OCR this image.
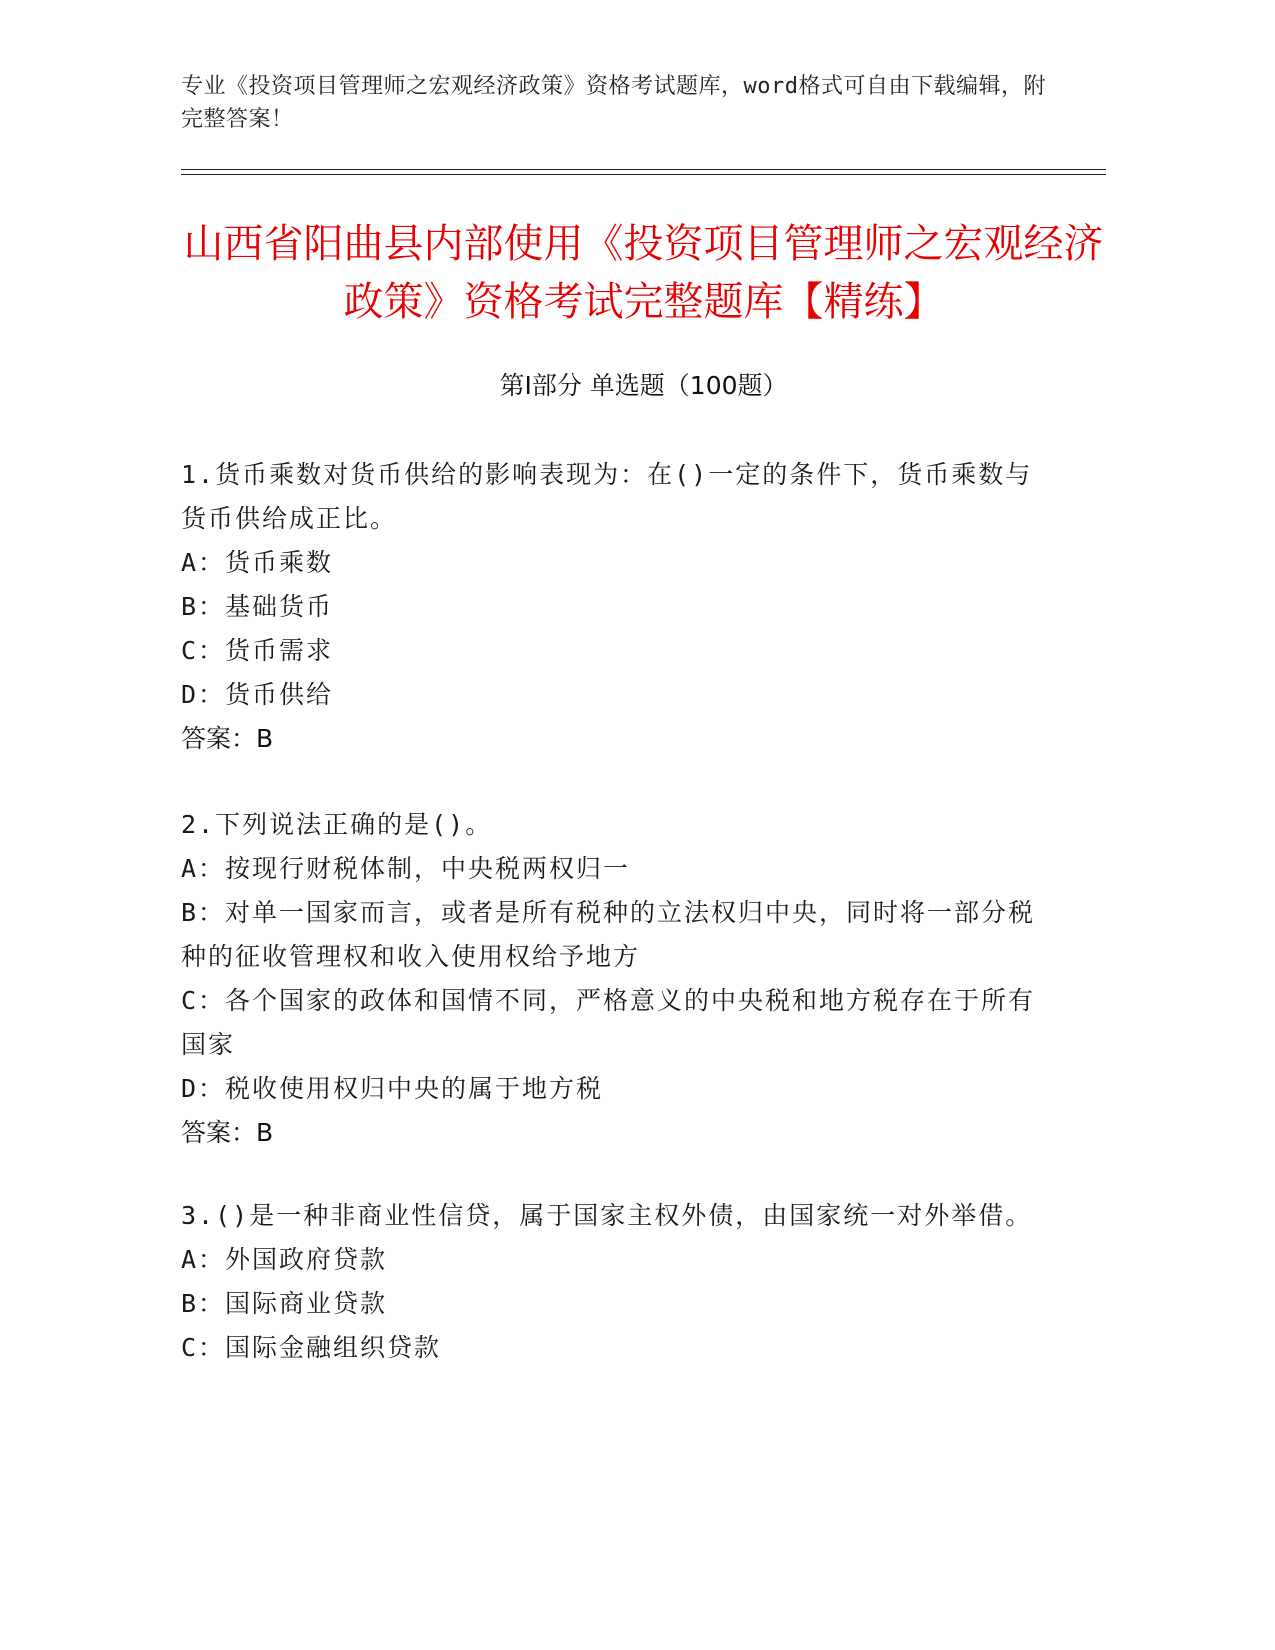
专业《投资项目管理师之宏观经济政策》资格考试题库，word格式可自由下载编辑，附完整答案！
山西省阳曲县内部使用《投资项目管理师之宏观经济政策》资格考试完整题库【精练】
第Ⅰ部分 单选题（100题）
1.货币乘数对货币供给的影响表现为：在()一定的条件下，货币乘数与货币供给成正比。
A：货币乘数
B：基础货币
C：货币需求
D：货币供给
答案：B
2.下列说法正确的是()。
A：按现行财税体制，中央税两权归一
B：对单一国家而言，或者是所有税种的立法权归中央，同时将一部分税种的征收管理权和收入使用权给予地方
C：各个国家的政体和国情不同，严格意义的中央税和地方税存在于所有国家
D：税收使用权归中央的属于地方税
答案：B
3.()是一种非商业性信贷，属于国家主权外债，由国家统一对外举借。
A：外国政府贷款
B：国际商业贷款
C：国际金融组织贷款
